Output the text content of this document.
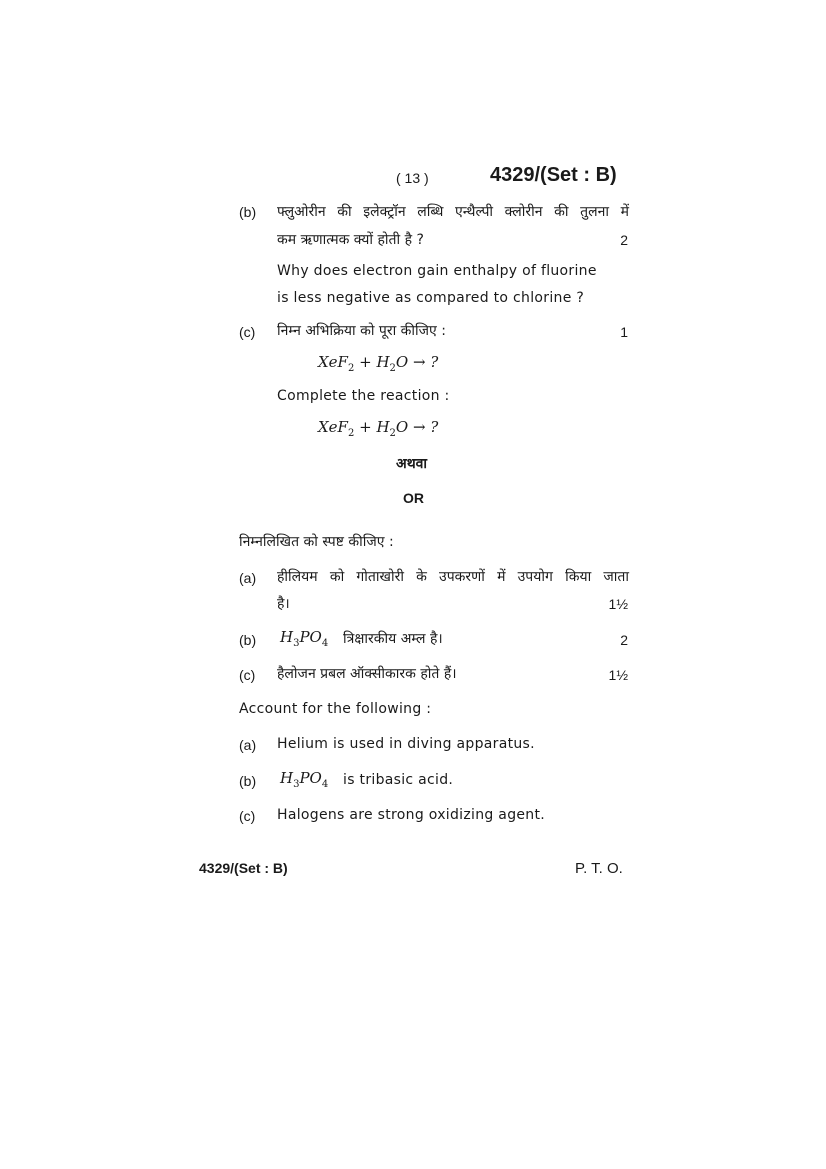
( 13 )	4329/(Set : B)
(b) फ्लुओरीन की इलेक्ट्रॉन लब्धि एन्थैल्पी क्लोरीन की तुलना में
कम ऋणात्मक क्यों होती है ?	2
Why does electron gain enthalpy of fluorine
is less negative as compared to chlorine ?
(c) निम्न अभिक्रिया को पूरा कीजिए :	1
$XeF_2 + H_2O$ → ?
Complete the reaction :
$XeF_2 + H_2O$ → ?
अथवा
OR
निम्नलिखित को स्पष्ट कीजिए :
(a) हीलियम को गोताखोरी के उपकरणों में उपयोग किया जाता
है।	1½
(b) $H_3PO_4$ त्रिक्षारकीय अम्ल है।	2
(c) हैलोजन प्रबल ऑक्सीकारक होते हैं।	1½
Account for the following :
(a) Helium is used in diving apparatus.
(b) $H_3PO_4$ is tribasic acid.
(c) Halogens are strong oxidizing agent.
4329/(Set : B)	P. T. O.
